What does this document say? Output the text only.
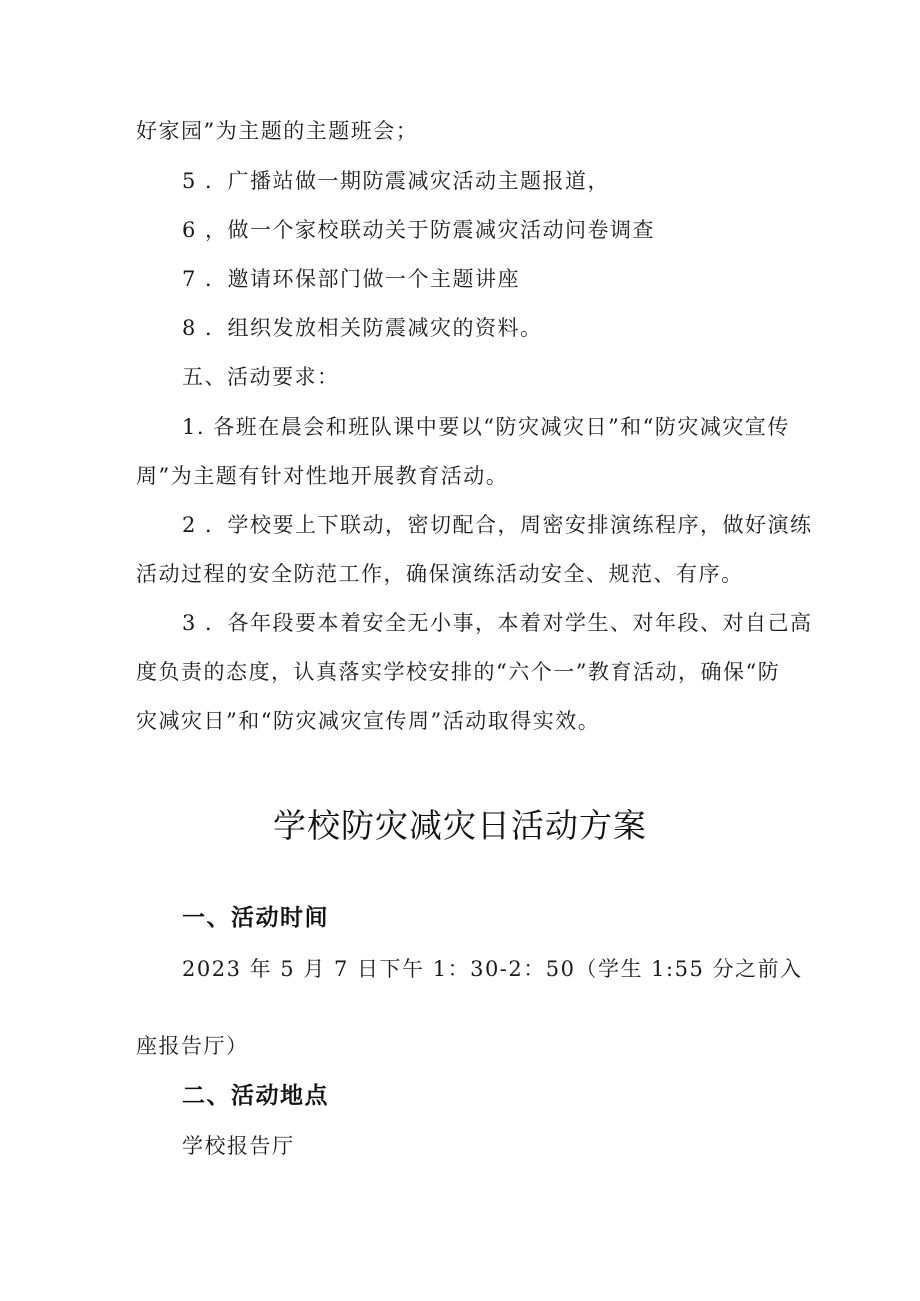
好家园”为主题的主题班会；
5 ．广播站做一期防震减灾活动主题报道，
6 ，做一个家校联动关于防震减灾活动问卷调查
7 ．邀请环保部门做一个主题讲座
8 ．组织发放相关防震减灾的资料。
五、活动要求：
1. 各班在晨会和班队课中要以“防灾减灾日”和“防灾减灾宣传
周”为主题有针对性地开展教育活动。
2 ．学校要上下联动，密切配合，周密安排演练程序，做好演练
活动过程的安全防范工作，确保演练活动安全、规范、有序。
3 ．各年段要本着安全无小事，本着对学生、对年段、对自己高
度负责的态度，认真落实学校安排的“六个一”教育活动，确保“防
灾减灾日”和“防灾减灾宣传周”活动取得实效。
学校防灾减灾日活动方案
一、活动时间
2023 年 5 月 7 日下午 1：30-2：50（学生 1:55 分之前入
座报告厅）
二、活动地点
学校报告厅
